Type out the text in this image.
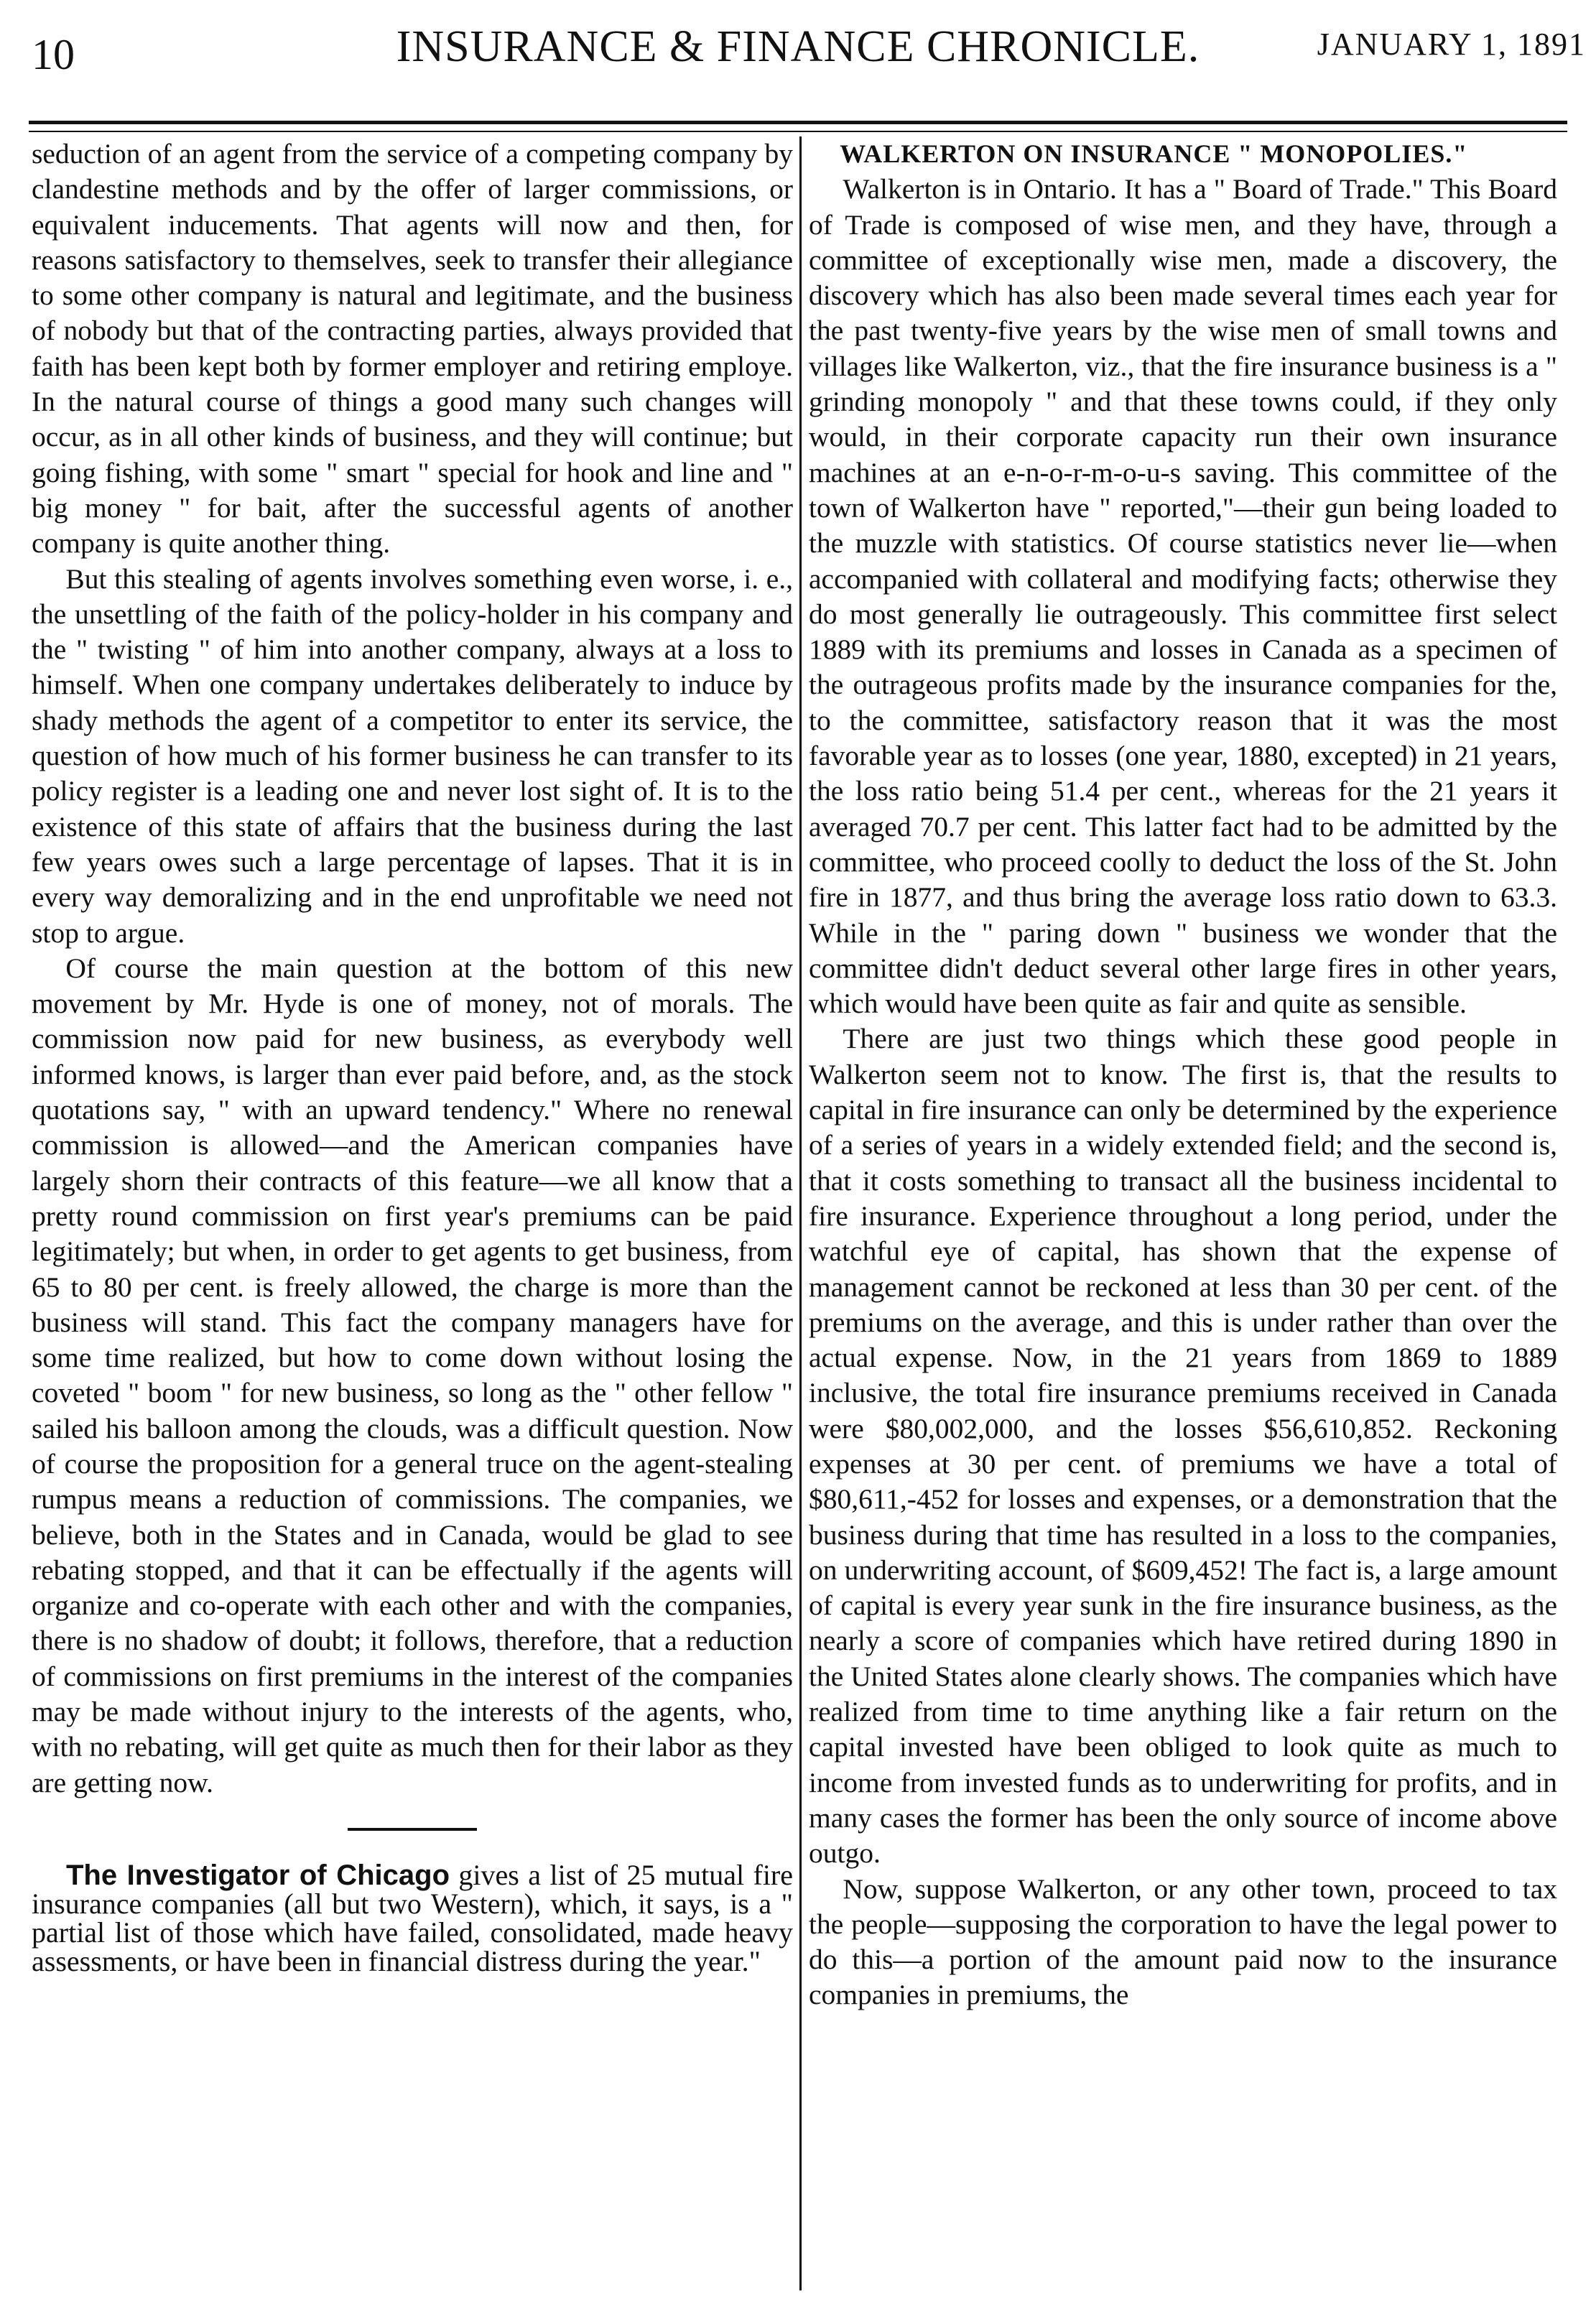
10	INSURANCE & FINANCE CHRONICLE.	JANUARY 1, 1891

seduction of an agent from the service of a competing company by clandestine methods and by the offer of larger commissions, or equivalent inducements. That agents will now and then, for reasons satisfactory to themselves, seek to transfer their allegiance to some other company is natural and legitimate, and the business of nobody but that of the contracting parties, always provided that faith has been kept both by former employer and retiring employe. In the natural course of things a good many such changes will occur, as in all other kinds of business, and they will continue; but going fishing, with some " smart " special for hook and line and " big money " for bait, after the successful agents of another company is quite another thing.

But this stealing of agents involves something even worse, i. e., the unsettling of the faith of the policy-holder in his company and the " twisting " of him into another company, always at a loss to himself. When one company undertakes deliberately to induce by shady methods the agent of a competitor to enter its service, the question of how much of his former business he can transfer to its policy register is a leading one and never lost sight of. It is to the existence of this state of affairs that the business during the last few years owes such a large percentage of lapses. That it is in every way demoralizing and in the end unprofitable we need not stop to argue.

Of course the main question at the bottom of this new movement by Mr. Hyde is one of money, not of morals. The commission now paid for new business, as everybody well informed knows, is larger than ever paid before, and, as the stock quotations say, " with an upward tendency." Where no renewal commission is allowed—and the American companies have largely shorn their contracts of this feature—we all know that a pretty round commission on first year's premiums can be paid legitimately; but when, in order to get agents to get business, from 65 to 80 per cent. is freely allowed, the charge is more than the business will stand. This fact the company managers have for some time realized, but how to come down without losing the coveted " boom " for new business, so long as the " other fellow " sailed his balloon among the clouds, was a difficult question. Now of course the proposition for a general truce on the agent-stealing rumpus means a reduction of commissions. The companies, we believe, both in the States and in Canada, would be glad to see rebating stopped, and that it can be effectually if the agents will organize and co-operate with each other and with the companies, there is no shadow of doubt; it follows, therefore, that a reduction of commissions on first premiums in the interest of the companies may be made without injury to the interests of the agents, who, with no rebating, will get quite as much then for their labor as they are getting now.

The Investigator of Chicago gives a list of 25 mutual fire insurance companies (all but two Western), which, it says, is a " partial list of those which have failed, consolidated, made heavy assessments, or have been in financial distress during the year."

WALKERTON ON INSURANCE " MONOPOLIES."

Walkerton is in Ontario. It has a " Board of Trade." This Board of Trade is composed of wise men, and they have, through a committee of exceptionally wise men, made a discovery, the discovery which has also been made several times each year for the past twenty-five years by the wise men of small towns and villages like Walkerton, viz., that the fire insurance business is a " grinding monopoly " and that these towns could, if they only would, in their corporate capacity run their own insurance machines at an e-n-o-r-m-o-u-s saving. This committee of the town of Walkerton have " reported,"—their gun being loaded to the muzzle with statistics. Of course statistics never lie—when accompanied with collateral and modifying facts; otherwise they do most generally lie outrageously. This committee first select 1889 with its premiums and losses in Canada as a specimen of the outrageous profits made by the insurance companies for the, to the committee, satisfactory reason that it was the most favorable year as to losses (one year, 1880, excepted) in 21 years, the loss ratio being 51.4 per cent., whereas for the 21 years it averaged 70.7 per cent. This latter fact had to be admitted by the committee, who proceed coolly to deduct the loss of the St. John fire in 1877, and thus bring the average loss ratio down to 63.3. While in the " paring down " business we wonder that the committee didn't deduct several other large fires in other years, which would have been quite as fair and quite as sensible.

There are just two things which these good people in Walkerton seem not to know. The first is, that the results to capital in fire insurance can only be determined by the experience of a series of years in a widely extended field; and the second is, that it costs something to transact all the business incidental to fire insurance. Experience throughout a long period, under the watchful eye of capital, has shown that the expense of management cannot be reckoned at less than 30 per cent. of the premiums on the average, and this is under rather than over the actual expense. Now, in the 21 years from 1869 to 1889 inclusive, the total fire insurance premiums received in Canada were $80,002,000, and the losses $56,610,852. Reckoning expenses at 30 per cent. of premiums we have a total of $80,611,-452 for losses and expenses, or a demonstration that the business during that time has resulted in a loss to the companies, on underwriting account, of $609,452! The fact is, a large amount of capital is every year sunk in the fire insurance business, as the nearly a score of companies which have retired during 1890 in the United States alone clearly shows. The companies which have realized from time to time anything like a fair return on the capital invested have been obliged to look quite as much to income from invested funds as to underwriting for profits, and in many cases the former has been the only source of income above outgo.

Now, suppose Walkerton, or any other town, proceed to tax the people—supposing the corporation to have the legal power to do this—a portion of the amount paid now to the insurance companies in premiums, the
